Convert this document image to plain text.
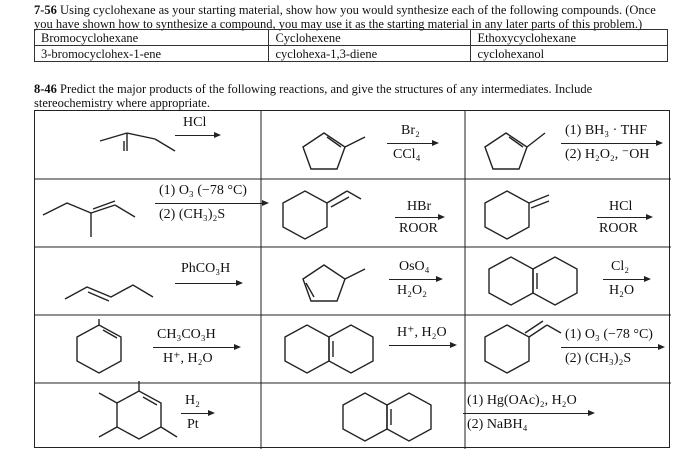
7-56 Using cyclohexane as your starting material, show how you would synthesize each of the following compounds. (Once you have shown how to synthesize a compound, you may use it as the starting material in any later parts of this problem.)
Bromocyclohexane	Cyclohexene	Ethoxycyclohexane
3-bromocyclohex-1-ene	cyclohexa-1,3-diene	cyclohexanol
8-46 Predict the major products of the following reactions, and give the structures of any intermediates. Include stereochemistry where appropriate.
HCl
Br₂
CCl₄
(1) BH₃ · THF
(2) H₂O₂, ⁻OH
(1) O₃ (−78 °C)
(2) (CH₃)₂S
HBr
ROOR
HCl
ROOR
PhCO₃H	OsO₄
H₂O₂
Cl₂
H₂O
CH₃CO₃H
H⁺, H₂O
H⁺, H₂O	(1) O₃ (−78 °C)
(2) (CH₃)₂S
H₂
Pt
(1) Hg(OAc)₂, H₂O
(2) NaBH₄
